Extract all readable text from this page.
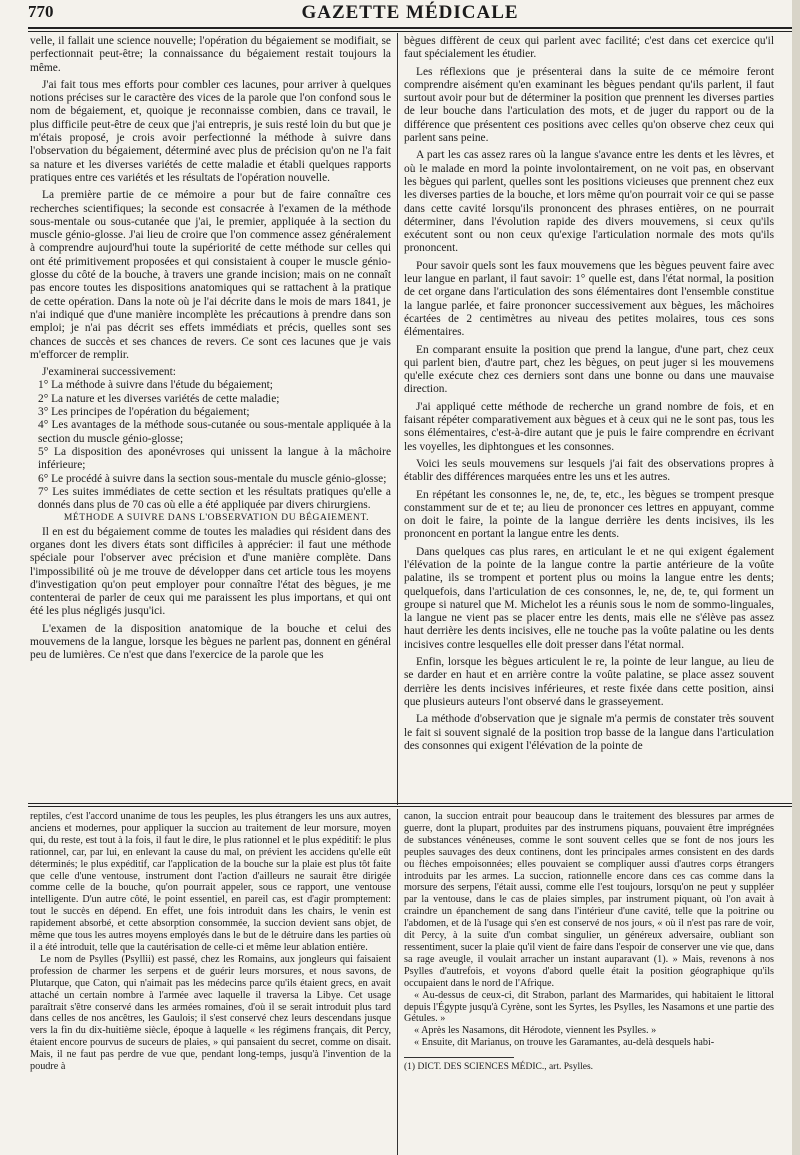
770	GAZETTE MÉDICALE

velle, il fallait une science nouvelle; l'opération du bégaiement se modifiait, se perfectionnait peut-être; la connaissance du bégaiement restait toujours la même.

J'ai fait tous mes efforts pour combler ces lacunes, pour arriver à quelques notions précises sur le caractère des vices de la parole que l'on confond sous le nom de bégaiement, et, quoique je reconnaisse combien, dans ce travail, le plus difficile peut-être de ceux que j'ai entrepris, je suis resté loin du but que je m'étais proposé, je crois avoir perfectionné la méthode à suivre dans l'observation du bégaiement, déterminé avec plus de précision qu'on ne l'a fait sa nature et les diverses variétés de cette maladie et établi quelques rapports pratiques entre ces variétés et les résultats de l'opération nouvelle.

La première partie de ce mémoire a pour but de faire connaître ces recherches scientifiques; la seconde est consacrée à l'examen de la méthode sous-mentale ou sous-cutanée que j'ai, le premier, appliquée à la section du muscle génio-glosse. J'ai lieu de croire que l'on commence assez généralement à comprendre aujourd'hui toute la supériorité de cette méthode sur celles qui ont été primitivement proposées et qui consistaient à couper le muscle génio-glosse du côté de la bouche, à travers une grande incision; mais on ne connaît pas encore toutes les dispositions anatomiques qui se rattachent à la pratique de cette opération. Dans la note où je l'ai décrite dans le mois de mars 1841, je n'ai indiqué que d'une manière incomplète les précautions à prendre dans son emploi; je n'ai pas décrit ses effets immédiats et précis, quelles sont ses chances de succès et ses chances de revers. Ce sont ces lacunes que je vais m'efforcer de remplir.

J'examinerai successivement:

1° La méthode à suivre dans l'étude du bégaiement;

2° La nature et les diverses variétés de cette maladie;

3° Les principes de l'opération du bégaiement;

4° Les avantages de la méthode sous-cutanée ou sous-mentale appliquée à la section du muscle génio-glosse;

5° La disposition des aponévroses qui unissent la langue à la mâchoire inférieure;

6° Le procédé à suivre dans la section sous-mentale du muscle génio-glosse;

7° Les suites immédiates de cette section et les résultats pratiques qu'elle a donnés dans plus de 70 cas où elle a été appliquée par divers chirurgiens.

MÉTHODE A SUIVRE DANS L'OBSERVATION DU BÉGAIEMENT.

Il en est du bégaiement comme de toutes les maladies qui résident dans des organes dont les divers états sont difficiles à apprécier: il faut une méthode spéciale pour l'observer avec précision et d'une manière complète. Dans l'impossibilité où je me trouve de développer dans cet article tous les moyens d'investigation qu'on peut employer pour connaître l'état des bègues, je me contenterai de parler de ceux qui me paraissent les plus importans, et qui ont été les plus négligés jusqu'ici.

L'examen de la disposition anatomique de la bouche et celui des mouvemens de la langue, lorsque les bègues ne parlent pas, donnent en général peu de lumières. Ce n'est que dans l'exercice de la parole que les

bègues diffèrent de ceux qui parlent avec facilité; c'est dans cet exercice qu'il faut spécialement les étudier.

Les réflexions que je présenterai dans la suite de ce mémoire feront comprendre aisément qu'en examinant les bègues pendant qu'ils parlent, il faut surtout avoir pour but de déterminer la position que prennent les diverses parties de leur bouche dans l'articulation des mots, et de juger du rapport ou de la différence que présentent ces positions avec celles qu'on observe chez ceux qui parlent sans peine.

A part les cas assez rares où la langue s'avance entre les dents et les lèvres, et où le malade en mord la pointe involontairement, on ne voit pas, en observant les bègues qui parlent, quelles sont les positions vicieuses que prennent chez eux les diverses parties de la bouche, et lors même qu'on pourrait voir ce qui se passe dans cette cavité lorsqu'ils prononcent des phrases entières, on ne pourrait déterminer, dans l'évolution rapide des divers mouvemens, si ceux qu'ils exécutent sont ou non ceux qu'exige l'articulation normale des mots qu'ils prononcent.

Pour savoir quels sont les faux mouvemens que les bègues peuvent faire avec leur langue en parlant, il faut savoir: 1° quelle est, dans l'état normal, la position de cet organe dans l'articulation des sons élémentaires dont l'ensemble constitue la langue parlée, et faire prononcer successivement aux bègues, les mâchoires écartées de 2 centimètres au niveau des petites molaires, tous ces sons élémentaires.

En comparant ensuite la position que prend la langue, d'une part, chez ceux qui parlent bien, d'autre part, chez les bègues, on peut juger si les mouvemens qu'elle exécute chez ces derniers sont dans une bonne ou dans une mauvaise direction.

J'ai appliqué cette méthode de recherche un grand nombre de fois, et en faisant répéter comparativement aux bègues et à ceux qui ne le sont pas, tous les sons élémentaires, c'est-à-dire autant que je puis le faire comprendre en écrivant les voyelles, les diphtongues et les consonnes.

Voici les seuls mouvemens sur lesquels j'ai fait des observations propres à établir des différences marquées entre les uns et les autres.

En répétant les consonnes le, ne, de, te, etc., les bègues se trompent presque constamment sur de et te; au lieu de prononcer ces lettres en appuyant, comme on doit le faire, la pointe de la langue derrière les dents incisives, ils les prononcent en portant la langue entre les dents.

Dans quelques cas plus rares, en articulant le et ne qui exigent également l'élévation de la pointe de la langue contre la partie antérieure de la voûte palatine, ils se trompent et portent plus ou moins la langue entre les dents; quelquefois, dans l'articulation de ces consonnes, le, ne, de, te, qui forment un groupe si naturel que M. Michelot les a réunis sous le nom de sommo-linguales, la langue ne vient pas se placer entre les dents, mais elle ne s'élève pas assez haut derrière les dents incisives, elle ne touche pas la voûte palatine ou les dents incisives contre lesquelles elle doit presser dans l'état normal.

Enfin, lorsque les bègues articulent le re, la pointe de leur langue, au lieu de se darder en haut et en arrière contre la voûte palatine, se place assez souvent derrière les dents incisives inférieures, et reste fixée dans cette position, ainsi que plusieurs auteurs l'ont observé dans le grasseyement.

La méthode d'observation que je signale m'a permis de constater très souvent le fait si souvent signalé de la position trop basse de la langue dans l'articulation des consonnes qui exigent l'élévation de la pointe de

reptiles, c'est l'accord unanime de tous les peuples, les plus étrangers les uns aux autres, anciens et modernes, pour appliquer la succion au traitement de leur morsure, moyen qui, du reste, est tout à la fois, il faut le dire, le plus rationnel et le plus expéditif: le plus rationnel, car, par lui, en enlevant la cause du mal, on prévient les accidens qu'elle eût déterminés; le plus expéditif, car l'application de la bouche sur la plaie est plus tôt faite que celle d'une ventouse, instrument dont l'action d'ailleurs ne saurait être dirigée comme celle de la bouche, qu'on pourrait appeler, sous ce rapport, une ventouse intelligente. D'un autre côté, le point essentiel, en pareil cas, est d'agir promptement: tout le succès en dépend. En effet, une fois introduit dans les chairs, le venin est rapidement absorbé, et cette absorption consommée, la succion devient sans objet, de même que tous les autres moyens employés dans le but de le détruire dans les parties où il a été introduit, telle que la cautérisation de celle-ci et même leur ablation entière.

Le nom de Psylles (Psyllii) est passé, chez les Romains, aux jongleurs qui faisaient profession de charmer les serpens et de guérir leurs morsures, et nous savons, de Plutarque, que Caton, qui n'aimait pas les médecins parce qu'ils étaient grecs, en avait attaché un certain nombre à l'armée avec laquelle il traversa la Libye. Cet usage paraîtrait s'être conservé dans les armées romaines, d'où il se serait introduit plus tard dans celles de nos ancêtres, les Gaulois; il s'est conservé chez leurs descendans jusque vers la fin du dix-huitième siècle, époque à laquelle « les régimens français, dit Percy, étaient encore pourvus de suceurs de plaies, » qui pansaient du secret, comme on disait. Mais, il ne faut pas perdre de vue que, pendant long-temps, jusqu'à l'invention de la poudre à

canon, la succion entrait pour beaucoup dans le traitement des blessures par armes de guerre, dont la plupart, produites par des instrumens piquans, pouvaient être imprégnées de substances vénéneuses, comme le sont souvent celles que se font de nos jours les peuples sauvages des deux continens, dont les principales armes consistent en des dards ou flèches empoisonnées; elles pouvaient se compliquer aussi d'autres corps étrangers introduits par les armes. La succion, rationnelle encore dans ces cas comme dans la morsure des serpens, l'était aussi, comme elle l'est toujours, lorsqu'on ne peut y suppléer par la ventouse, dans le cas de plaies simples, par instrument piquant, où l'on avait à craindre un épanchement de sang dans l'intérieur d'une cavité, telle que la poitrine ou l'abdomen, et de là l'usage qui s'en est conservé de nos jours, « où il n'est pas rare de voir, dit Percy, à la suite d'un combat singulier, un généreux adversaire, oubliant son ressentiment, sucer la plaie qu'il vient de faire dans l'espoir de conserver une vie que, dans sa rage aveugle, il voulait arracher un instant auparavant (1). » Mais, revenons à nos Psylles d'autrefois, et voyons d'abord quelle était la position géographique qu'ils occupaient dans le nord de l'Afrique.

« Au-dessus de ceux-ci, dit Strabon, parlant des Marmarides, qui habitaient le littoral depuis l'Égypte jusqu'à Cyrène, sont les Syrtes, les Psylles, les Nasamons et une partie des Gétules. »

« Après les Nasamons, dit Hérodote, viennent les Psylles. »

« Ensuite, dit Marianus, on trouve les Garamantes, au-delà desquels habi-

(1) DICT. DES SCIENCES MÉDIC., art. Psylles.
